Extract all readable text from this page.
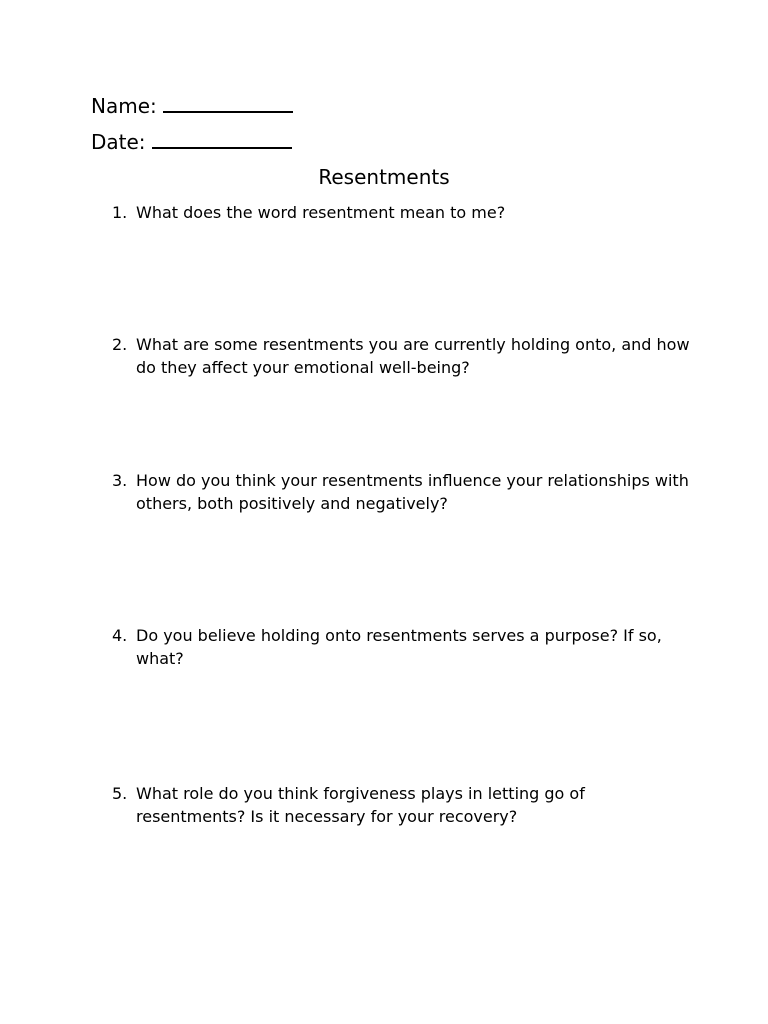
Name:
Date:
Resentments
1. What does the word resentment mean to me?
2. What are some resentments you are currently holding onto, and how do they affect your emotional well-being?
3. How do you think your resentments influence your relationships with others, both positively and negatively?
4. Do you believe holding onto resentments serves a purpose? If so, what?
5. What role do you think forgiveness plays in letting go of resentments? Is it necessary for your recovery?
